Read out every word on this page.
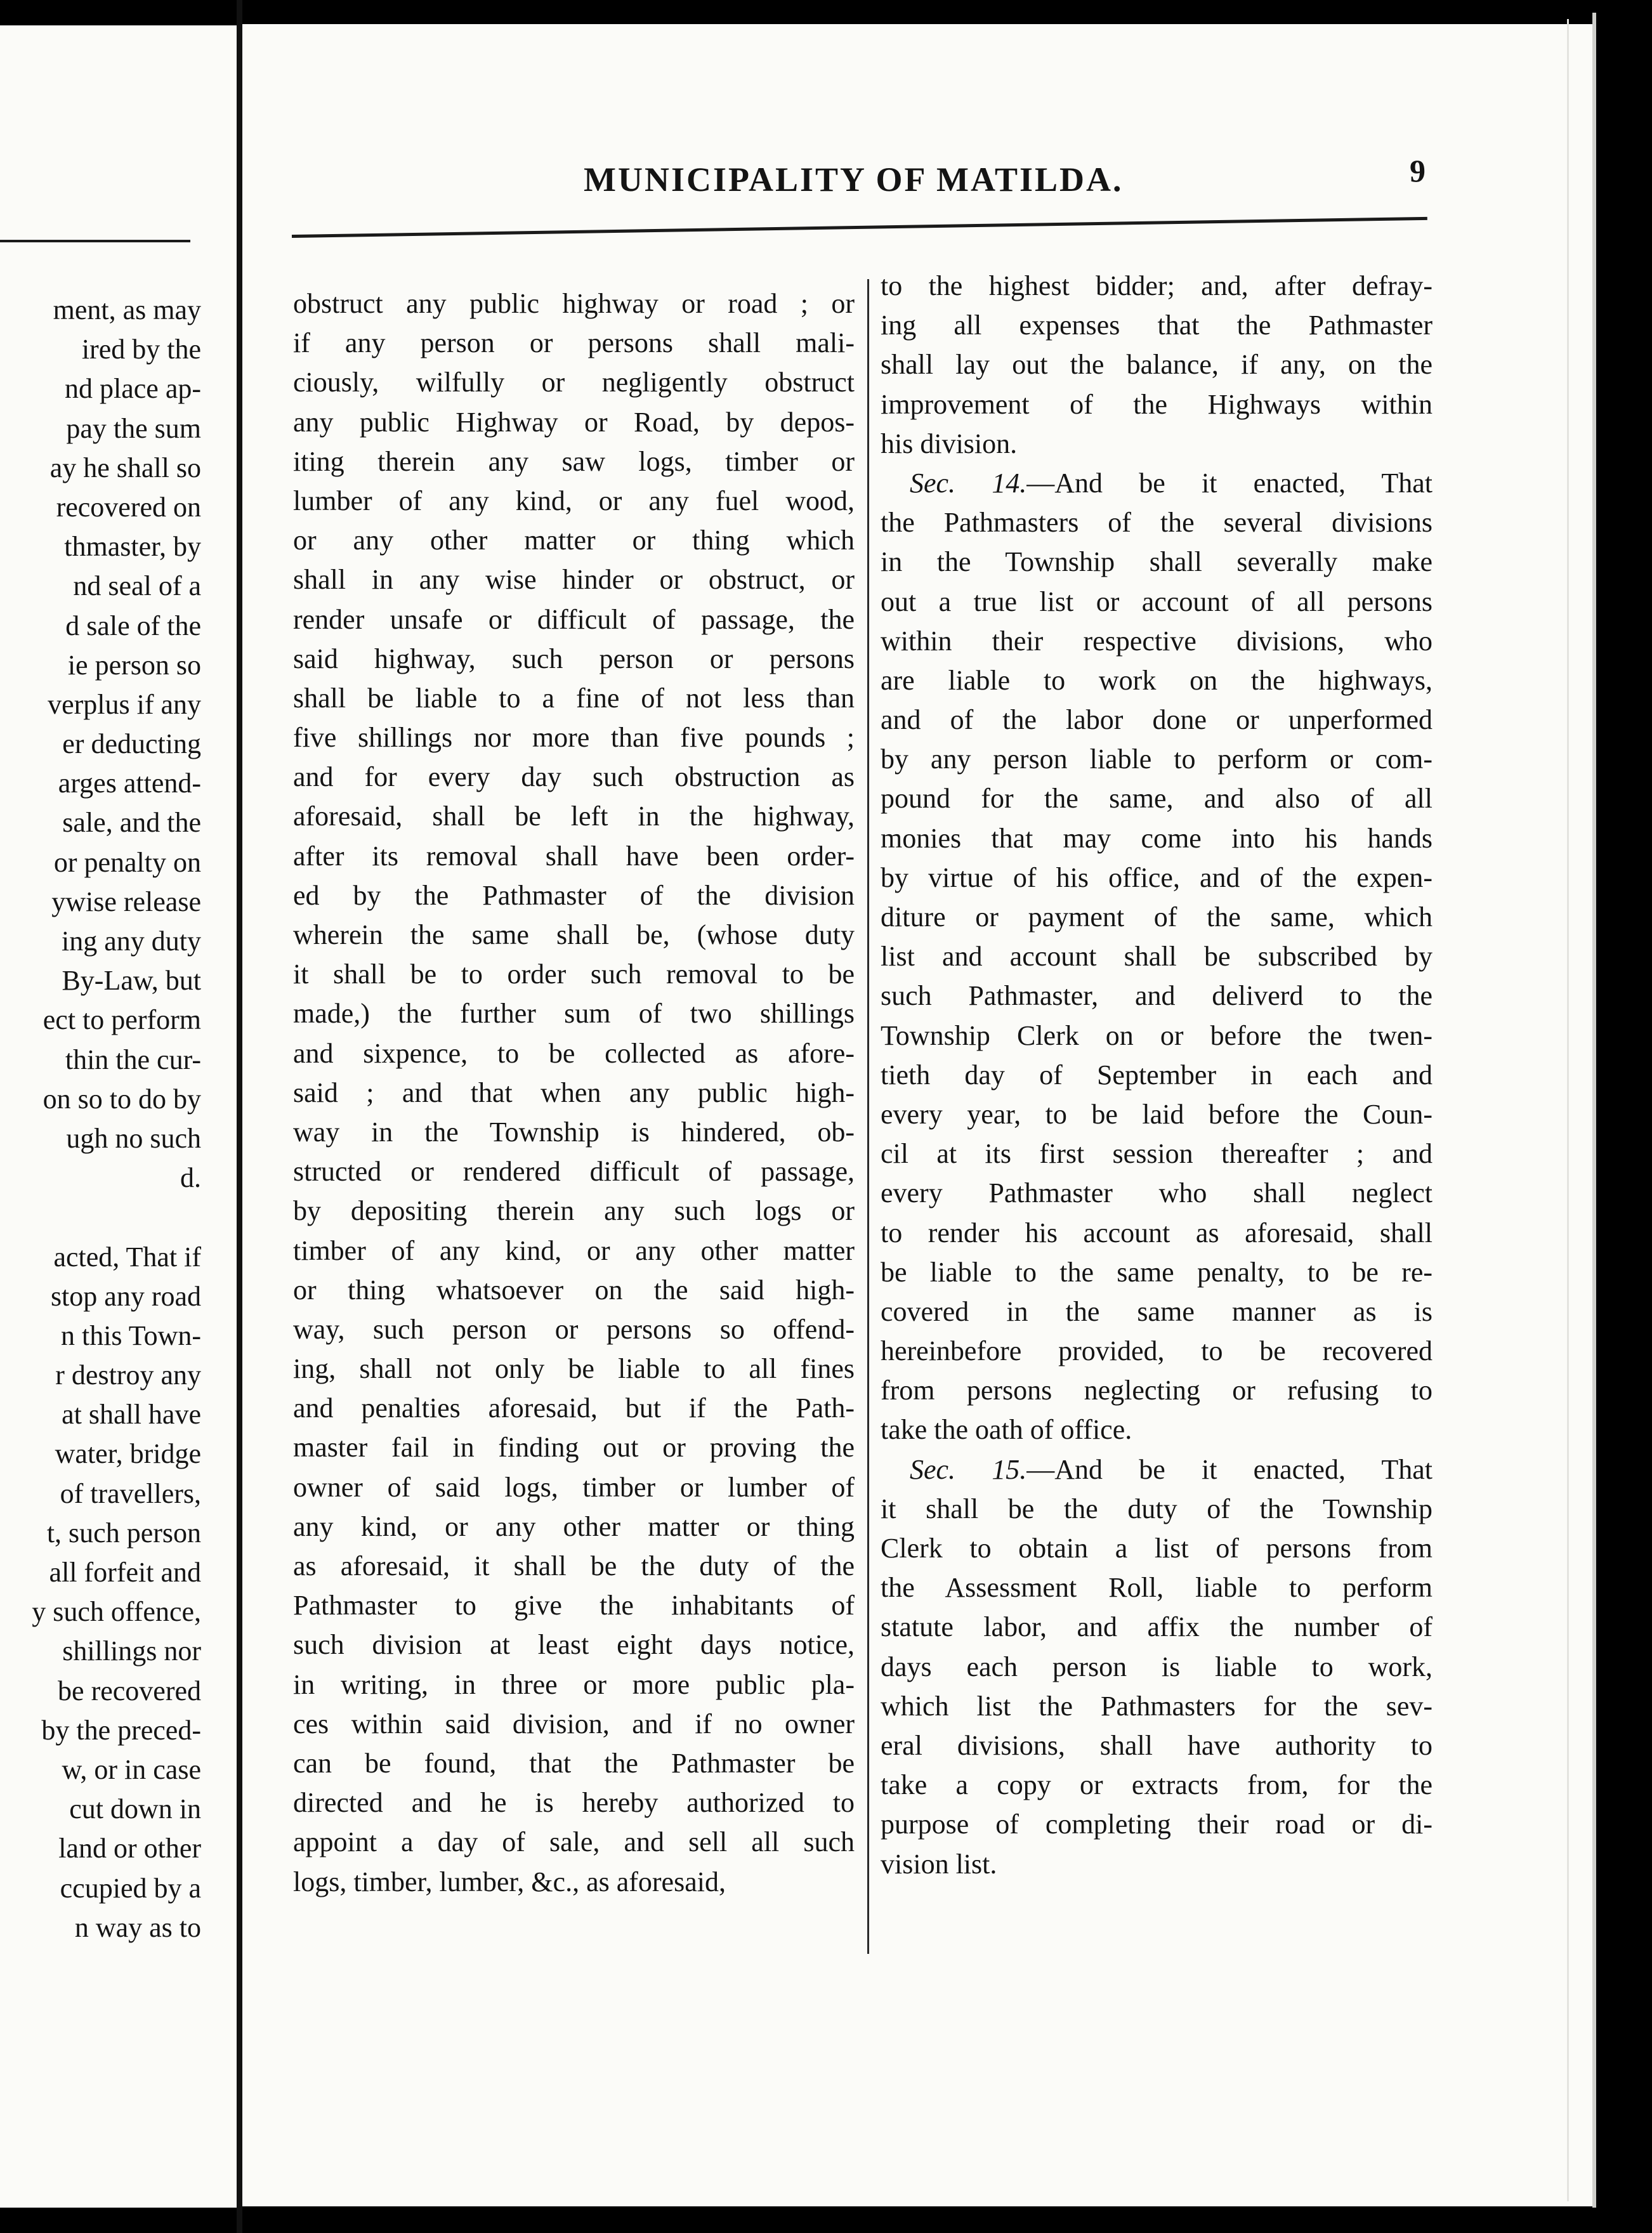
ment, as may
ired by the
nd place ap-
pay the sum
ay he shall so
recovered on
thmaster, by
nd seal of a
d sale of the
ie person so
verplus if any
er deducting
arges attend-
sale, and the
or penalty on
ywise release
ing any duty
By-Law, but
ect to perform
thin the cur-
on so to do by
ugh no such
d.
acted, That if
stop any road
n this Town-
r destroy any
at shall have
water, bridge
of travellers,
t, such person
all forfeit and
y such offence,
shillings nor
be recovered
by the preced-
w, or in case
cut down in
land or other
ccupied by a
n way as to
MUNICIPALITY OF MATILDA.	9
obstruct any public highway or road ; or
if any person or persons shall mali-
ciously, wilfully or negligently obstruct
any public Highway or Road, by depos-
iting therein any saw logs, timber or
lumber of any kind, or any fuel wood,
or any other matter or thing which
shall in any wise hinder or obstruct, or
render unsafe or difficult of passage, the
said highway, such person or persons
shall be liable to a fine of not less than
five shillings nor more than five pounds ;
and for every day such obstruction as
aforesaid, shall be left in the highway,
after its removal shall have been order-
ed by the Pathmaster of the division
wherein the same shall be, (whose duty
it shall be to order such removal to be
made,) the further sum of two shillings
and sixpence, to be collected as afore-
said ; and that when any public high-
way in the Township is hindered, ob-
structed or rendered difficult of passage,
by depositing therein any such logs or
timber of any kind, or any other matter
or thing whatsoever on the said high-
way, such person or persons so offend-
ing, shall not only be liable to all fines
and penalties aforesaid, but if the Path-
master fail in finding out or proving the
owner of said logs, timber or lumber of
any kind, or any other matter or thing
as aforesaid, it shall be the duty of the
Pathmaster to give the inhabitants of
such division at least eight days notice,
in writing, in three or more public pla-
ces within said division, and if no owner
can be found, that the Pathmaster be
directed and he is hereby authorized to
appoint a day of sale, and sell all such
logs, timber, lumber, &c., as aforesaid,
to the highest bidder; and, after defray-
ing all expenses that the Pathmaster
shall lay out the balance, if any, on the
improvement of the Highways within
his division.
Sec. 14.—And be it enacted, That
the Pathmasters of the several divisions
in the Township shall severally make
out a true list or account of all persons
within their respective divisions, who
are liable to work on the highways,
and of the labor done or unperformed
by any person liable to perform or com-
pound for the same, and also of all
monies that may come into his hands
by virtue of his office, and of the expen-
diture or payment of the same, which
list and account shall be subscribed by
such Pathmaster, and deliverd to the
Township Clerk on or before the twen-
tieth day of September in each and
every year, to be laid before the Coun-
cil at its first session thereafter ; and
every Pathmaster who shall neglect
to render his account as aforesaid, shall
be liable to the same penalty, to be re-
covered in the same manner as is
hereinbefore provided, to be recovered
from persons neglecting or refusing to
take the oath of office.
Sec. 15.—And be it enacted, That
it shall be the duty of the Township
Clerk to obtain a list of persons from
the Assessment Roll, liable to perform
statute labor, and affix the number of
days each person is liable to work,
which list the Pathmasters for the sev-
eral divisions, shall have authority to
take a copy or extracts from, for the
purpose of completing their road or di-
vision list.
